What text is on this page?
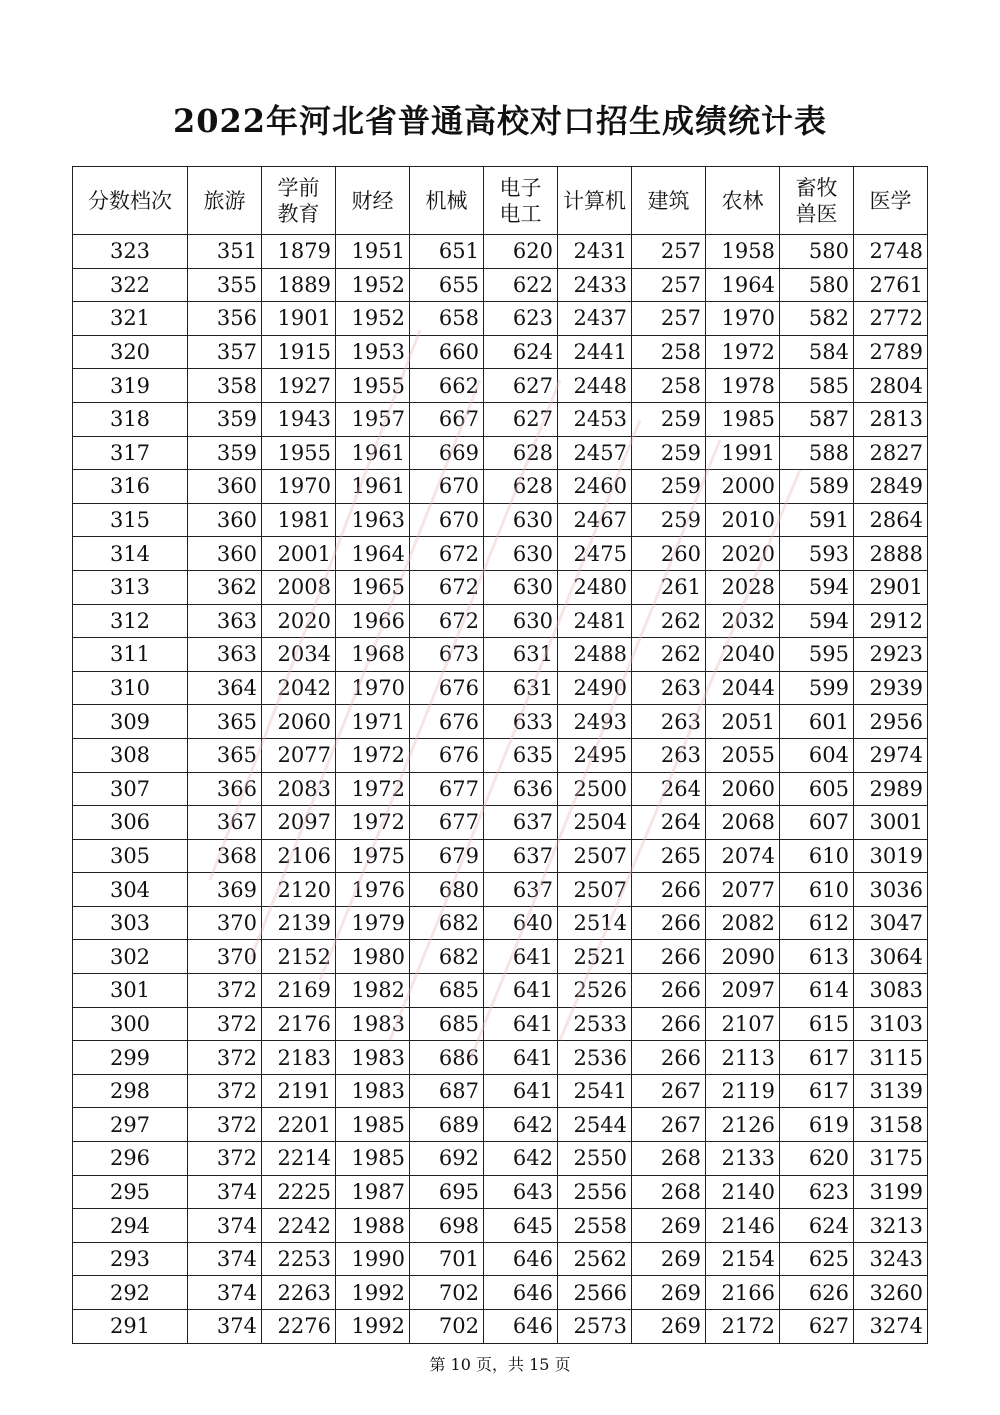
2022年河北省普通高校对口招生成绩统计表
分数档次	旅游	学前教育	财经	机械	电子电工	计算机	建筑	农林	畜牧兽医	医学
323	351	1879	1951	651	620	2431	257	1958	580	2748
322	355	1889	1952	655	622	2433	257	1964	580	2761
321	356	1901	1952	658	623	2437	257	1970	582	2772
320	357	1915	1953	660	624	2441	258	1972	584	2789
319	358	1927	1955	662	627	2448	258	1978	585	2804
318	359	1943	1957	667	627	2453	259	1985	587	2813
317	359	1955	1961	669	628	2457	259	1991	588	2827
316	360	1970	1961	670	628	2460	259	2000	589	2849
315	360	1981	1963	670	630	2467	259	2010	591	2864
314	360	2001	1964	672	630	2475	260	2020	593	2888
313	362	2008	1965	672	630	2480	261	2028	594	2901
312	363	2020	1966	672	630	2481	262	2032	594	2912
311	363	2034	1968	673	631	2488	262	2040	595	2923
310	364	2042	1970	676	631	2490	263	2044	599	2939
309	365	2060	1971	676	633	2493	263	2051	601	2956
308	365	2077	1972	676	635	2495	263	2055	604	2974
307	366	2083	1972	677	636	2500	264	2060	605	2989
306	367	2097	1972	677	637	2504	264	2068	607	3001
305	368	2106	1975	679	637	2507	265	2074	610	3019
304	369	2120	1976	680	637	2507	266	2077	610	3036
303	370	2139	1979	682	640	2514	266	2082	612	3047
302	370	2152	1980	682	641	2521	266	2090	613	3064
301	372	2169	1982	685	641	2526	266	2097	614	3083
300	372	2176	1983	685	641	2533	266	2107	615	3103
299	372	2183	1983	686	641	2536	266	2113	617	3115
298	372	2191	1983	687	641	2541	267	2119	617	3139
297	372	2201	1985	689	642	2544	267	2126	619	3158
296	372	2214	1985	692	642	2550	268	2133	620	3175
295	374	2225	1987	695	643	2556	268	2140	623	3199
294	374	2242	1988	698	645	2558	269	2146	624	3213
293	374	2253	1990	701	646	2562	269	2154	625	3243
292	374	2263	1992	702	646	2566	269	2166	626	3260
291	374	2276	1992	702	646	2573	269	2172	627	3274
第 10 页，共 15 页
